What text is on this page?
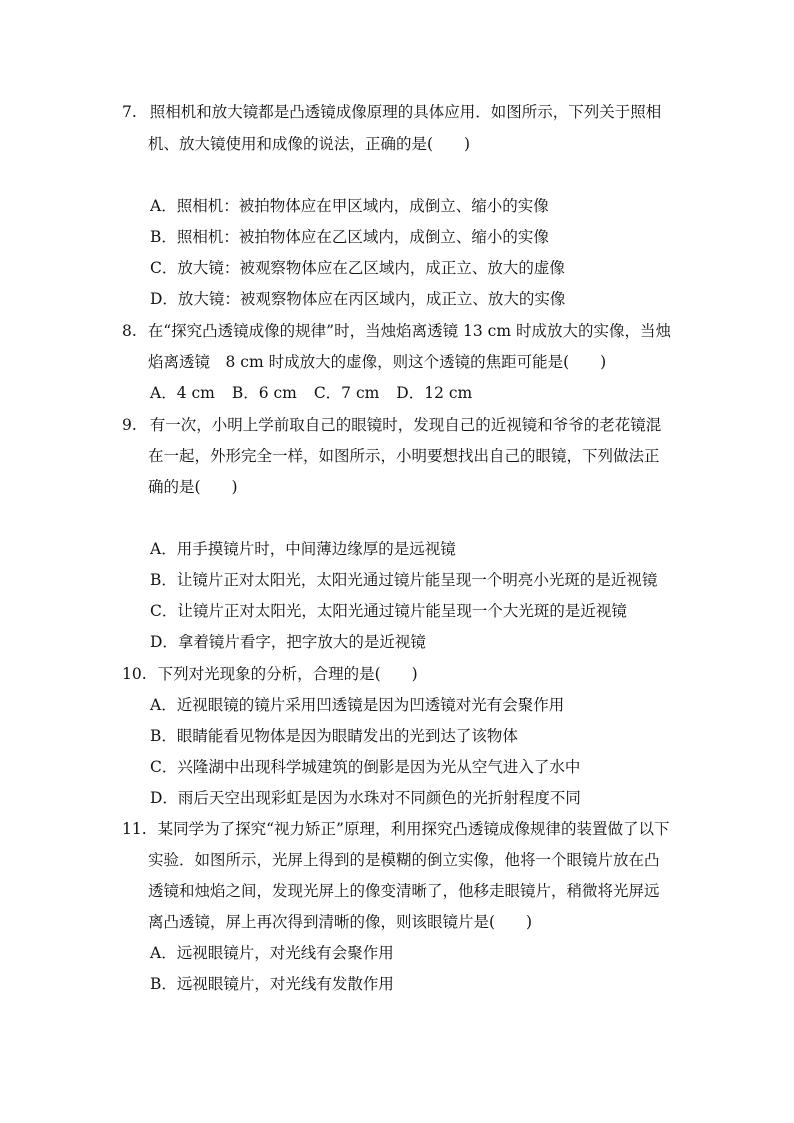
7. 照相机和放大镜都是凸透镜成像原理的具体应用．如图所示，下列关于照相
机、放大镜使用和成像的说法，正确的是(　　)
A．照相机：被拍物体应在甲区域内，成倒立、缩小的实像
B．照相机：被拍物体应在乙区域内，成倒立、缩小的实像
C．放大镜：被观察物体应在乙区域内，成正立、放大的虚像
D．放大镜：被观察物体应在丙区域内，成正立、放大的实像
8. 在“探究凸透镜成像的规律”时，当烛焰离透镜 13 cm 时成放大的实像，当烛
焰离透镜　8 cm 时成放大的虚像，则这个透镜的焦距可能是(　　)
A．4 cm B．6 cm C．7 cm D．12 cm
9. 有一次，小明上学前取自己的眼镜时，发现自己的近视镜和爷爷的老花镜混
在一起，外形完全一样，如图所示，小明要想找出自己的眼镜，下列做法正
确的是(　　)
A．用手摸镜片时，中间薄边缘厚的是远视镜
B．让镜片正对太阳光，太阳光通过镜片能呈现一个明亮小光斑的是近视镜
C．让镜片正对太阳光，太阳光通过镜片能呈现一个大光斑的是近视镜
D．拿着镜片看字，把字放大的是近视镜
10. 下列对光现象的分析，合理的是(　　)
A．近视眼镜的镜片采用凹透镜是因为凹透镜对光有会聚作用
B．眼睛能看见物体是因为眼睛发出的光到达了该物体
C．兴隆湖中出现科学城建筑的倒影是因为光从空气进入了水中
D．雨后天空出现彩虹是因为水珠对不同颜色的光折射程度不同
11. 某同学为了探究“视力矫正”原理，利用探究凸透镜成像规律的装置做了以下
实验．如图所示，光屏上得到的是模糊的倒立实像，他将一个眼镜片放在凸
透镜和烛焰之间，发现光屏上的像变清晰了，他移走眼镜片，稍微将光屏远
离凸透镜，屏上再次得到清晰的像，则该眼镜片是(　　)
A．远视眼镜片，对光线有会聚作用
B．远视眼镜片，对光线有发散作用
